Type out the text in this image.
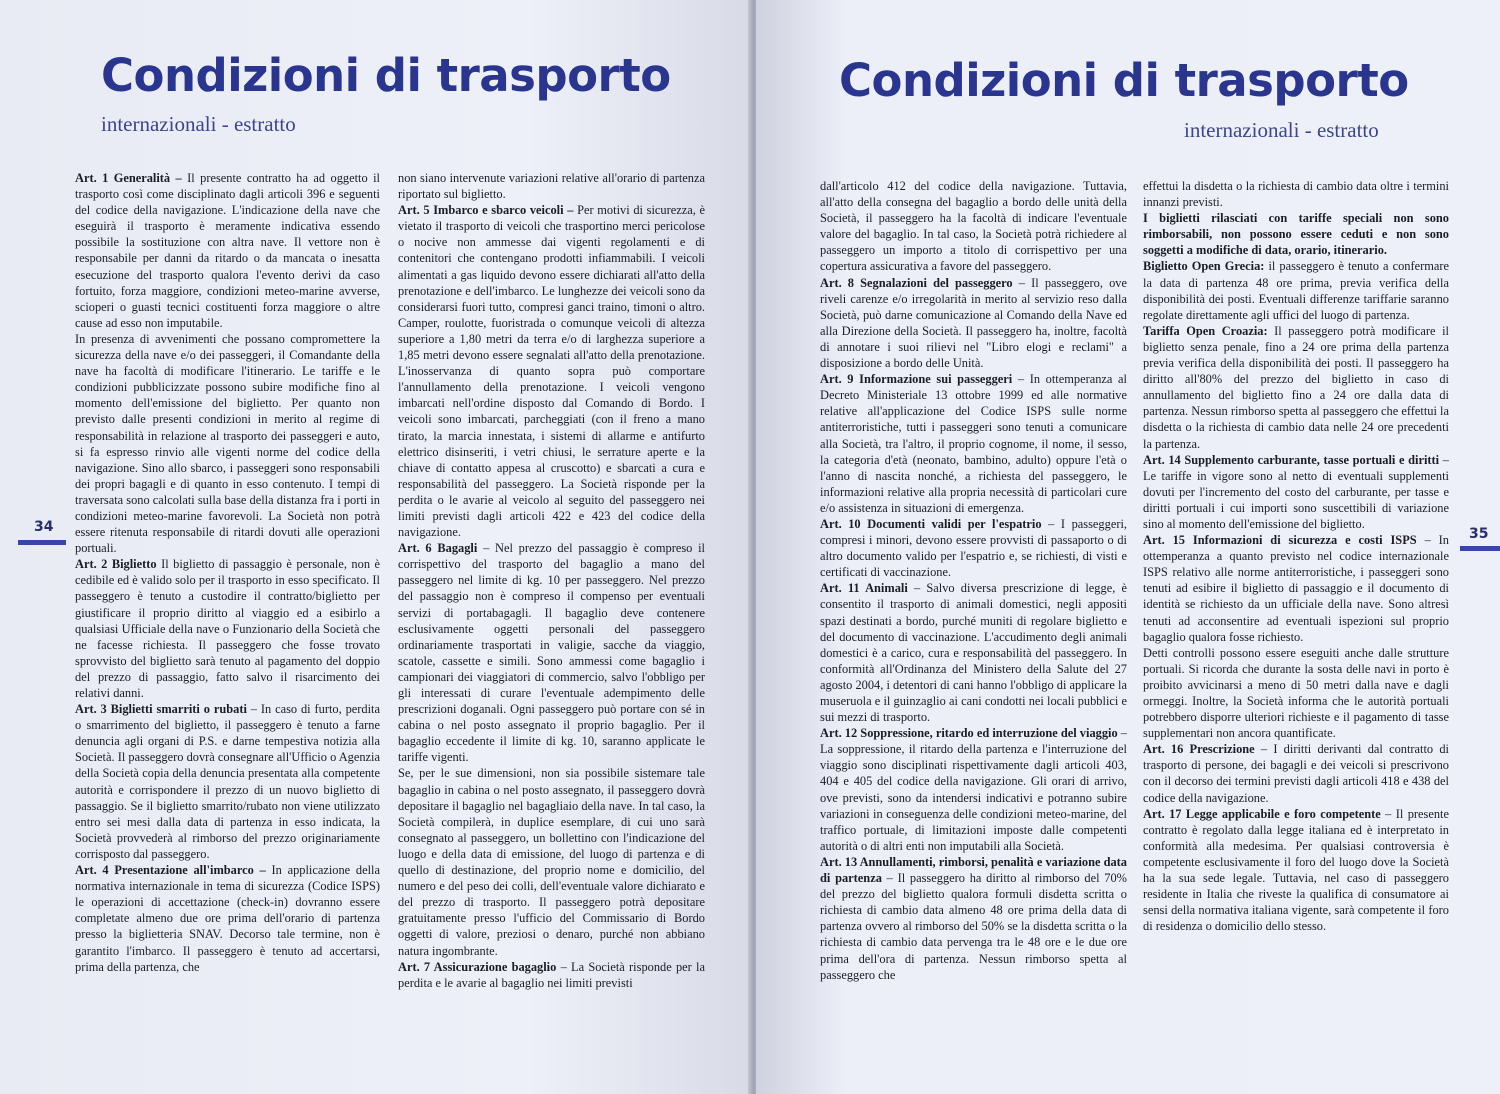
Condizioni di trasporto
internazionali - estratto

Art. 1 Generalità – Il presente contratto ha ad oggetto il trasporto così come disciplinato dagli articoli 396 e seguenti del codice della navigazione. L'indicazione della nave che eseguirà il trasporto è meramente indicativa essendo possibile la sostituzione con altra nave. Il vettore non è responsabile per danni da ritardo o da mancata o inesatta esecuzione del trasporto qualora l'evento derivi da caso fortuito, forza maggiore, condizioni meteo-marine avverse, scioperi o guasti tecnici costituenti forza maggiore o altre cause ad esso non imputabile.

In presenza di avvenimenti che possano compromettere la sicurezza della nave e/o dei passeggeri, il Comandante della nave ha facoltà di modificare l'itinerario. Le tariffe e le condizioni pubblicizzate possono subire modifiche fino al momento dell'emissione del biglietto. Per quanto non previsto dalle presenti condizioni in merito al regime di responsabilità in relazione al trasporto dei passeggeri e auto, si fa espresso rinvio alle vigenti norme del codice della navigazione. Sino allo sbarco, i passeggeri sono responsabili dei propri bagagli e di quanto in esso contenuto. I tempi di traversata sono calcolati sulla base della distanza fra i porti in condizioni meteo-marine favorevoli. La Società non potrà essere ritenuta responsabile di ritardi dovuti alle operazioni portuali.

Art. 2 Biglietto Il biglietto di passaggio è personale, non è cedibile ed è valido solo per il trasporto in esso specificato. Il passeggero è tenuto a custodire il contratto/biglietto per giustificare il proprio diritto al viaggio ed a esibirlo a qualsiasi Ufficiale della nave o Funzionario della Società che ne facesse richiesta. Il passeggero che fosse trovato sprovvisto del biglietto sarà tenuto al pagamento del doppio del prezzo di passaggio, fatto salvo il risarcimento dei relativi danni.

Art. 3 Biglietti smarriti o rubati – In caso di furto, perdita o smarrimento del biglietto, il passeggero è tenuto a farne denuncia agli organi di P.S. e darne tempestiva notizia alla Società. Il passeggero dovrà consegnare all'Ufficio o Agenzia della Società copia della denuncia presentata alla competente autorità e corrispondere il prezzo di un nuovo biglietto di passaggio. Se il biglietto smarrito/rubato non viene utilizzato entro sei mesi dalla data di partenza in esso indicata, la Società provvederà al rimborso del prezzo originariamente corrisposto dal passeggero.

Art. 4 Presentazione all'imbarco – In applicazione della normativa internazionale in tema di sicurezza (Codice ISPS) le operazioni di accettazione (check-in) dovranno essere completate almeno due ore prima dell'orario di partenza presso la biglietteria SNAV. Decorso tale termine, non è garantito l'imbarco. Il passeggero è tenuto ad accertarsi, prima della partenza, che

non siano intervenute variazioni relative all'orario di partenza riportato sul biglietto.

Art. 5 Imbarco e sbarco veicoli – Per motivi di sicurezza, è vietato il trasporto di veicoli che trasportino merci pericolose o nocive non ammesse dai vigenti regolamenti e di contenitori che contengano prodotti infiammabili. I veicoli alimentati a gas liquido devono essere dichiarati all'atto della prenotazione e dell'imbarco. Le lunghezze dei veicoli sono da considerarsi fuori tutto, compresi ganci traino, timoni o altro. Camper, roulotte, fuoristrada o comunque veicoli di altezza superiore a 1,80 metri da terra e/o di larghezza superiore a 1,85 metri devono essere segnalati all'atto della prenotazione. L'inosservanza di quanto sopra può comportare l'annullamento della prenotazione. I veicoli vengono imbarcati nell'ordine disposto dal Comando di Bordo. I veicoli sono imbarcati, parcheggiati (con il freno a mano tirato, la marcia innestata, i sistemi di allarme e antifurto elettrico disinseriti, i vetri chiusi, le serrature aperte e la chiave di contatto appesa al cruscotto) e sbarcati a cura e responsabilità del passeggero. La Società risponde per la perdita o le avarie al veicolo al seguito del passeggero nei limiti previsti dagli articoli 422 e 423 del codice della navigazione.

Art. 6 Bagagli – Nel prezzo del passaggio è compreso il corrispettivo del trasporto del bagaglio a mano del passeggero nel limite di kg. 10 per passeggero. Nel prezzo del passaggio non è compreso il compenso per eventuali servizi di portabagagli. Il bagaglio deve contenere esclusivamente oggetti personali del passeggero ordinariamente trasportati in valigie, sacche da viaggio, scatole, cassette e simili. Sono ammessi come bagaglio i campionari dei viaggiatori di commercio, salvo l'obbligo per gli interessati di curare l'eventuale adempimento delle prescrizioni doganali. Ogni passeggero può portare con sé in cabina o nel posto assegnato il proprio bagaglio. Per il bagaglio eccedente il limite di kg. 10, saranno applicate le tariffe vigenti.

Se, per le sue dimensioni, non sia possibile sistemare tale bagaglio in cabina o nel posto assegnato, il passeggero dovrà depositare il bagaglio nel bagagliaio della nave. In tal caso, la Società compilerà, in duplice esemplare, di cui uno sarà consegnato al passeggero, un bollettino con l'indicazione del luogo e della data di emissione, del luogo di partenza e di quello di destinazione, del proprio nome e domicilio, del numero e del peso dei colli, dell'eventuale valore dichiarato e del prezzo di trasporto. Il passeggero potrà depositare gratuitamente presso l'ufficio del Commissario di Bordo oggetti di valore, preziosi o denaro, purché non abbiano natura ingombrante.

Art. 7 Assicurazione bagaglio – La Società risponde per la perdita e le avarie al bagaglio nei limiti previsti

34
Condizioni di trasporto
internazionali - estratto

dall'articolo 412 del codice della navigazione. Tuttavia, all'atto della consegna del bagaglio a bordo delle unità della Società, il passeggero ha la facoltà di indicare l'eventuale valore del bagaglio. In tal caso, la Società potrà richiedere al passeggero un importo a titolo di corrispettivo per una copertura assicurativa a favore del passeggero.

Art. 8 Segnalazioni del passeggero – Il passeggero, ove riveli carenze e/o irregolarità in merito al servizio reso dalla Società, può darne comunicazione al Comando della Nave ed alla Direzione della Società. Il passeggero ha, inoltre, facoltà di annotare i suoi rilievi nel "Libro elogi e reclami" a disposizione a bordo delle Unità.

Art. 9 Informazione sui passeggeri – In ottemperanza al Decreto Ministeriale 13 ottobre 1999 ed alle normative relative all'applicazione del Codice ISPS sulle norme antiterroristiche, tutti i passeggeri sono tenuti a comunicare alla Società, tra l'altro, il proprio cognome, il nome, il sesso, la categoria d'età (neonato, bambino, adulto) oppure l'età o l'anno di nascita nonché, a richiesta del passeggero, le informazioni relative alla propria necessità di particolari cure e/o assistenza in situazioni di emergenza.

Art. 10 Documenti validi per l'espatrio – I passeggeri, compresi i minori, devono essere provvisti di passaporto o di altro documento valido per l'espatrio e, se richiesti, di visti e certificati di vaccinazione.

Art. 11 Animali – Salvo diversa prescrizione di legge, è consentito il trasporto di animali domestici, negli appositi spazi destinati a bordo, purché muniti di regolare biglietto e del documento di vaccinazione. L'accudimento degli animali domestici è a carico, cura e responsabilità del passeggero. In conformità all'Ordinanza del Ministero della Salute del 27 agosto 2004, i detentori di cani hanno l'obbligo di applicare la museruola e il guinzaglio ai cani condotti nei locali pubblici e sui mezzi di trasporto.

Art. 12 Soppressione, ritardo ed interruzione del viaggio – La soppressione, il ritardo della partenza e l'interruzione del viaggio sono disciplinati rispettivamente dagli articoli 403, 404 e 405 del codice della navigazione. Gli orari di arrivo, ove previsti, sono da intendersi indicativi e potranno subire variazioni in conseguenza delle condizioni meteo-marine, del traffico portuale, di limitazioni imposte dalle competenti autorità o di altri enti non imputabili alla Società.

Art. 13 Annullamenti, rimborsi, penalità e variazione data di partenza – Il passeggero ha diritto al rimborso del 70% del prezzo del biglietto qualora formuli disdetta scritta o richiesta di cambio data almeno 48 ore prima della data di partenza ovvero al rimborso del 50% se la disdetta scritta o la richiesta di cambio data pervenga tra le 48 ore e le due ore prima dell'ora di partenza. Nessun rimborso spetta al passeggero che

effettui la disdetta o la richiesta di cambio data oltre i termini innanzi previsti.

I biglietti rilasciati con tariffe speciali non sono rimborsabili, non possono essere ceduti e non sono soggetti a modifiche di data, orario, itinerario.

Biglietto Open Grecia: il passeggero è tenuto a confermare la data di partenza 48 ore prima, previa verifica della disponibilità dei posti. Eventuali differenze tariffarie saranno regolate direttamente agli uffici del luogo di partenza.

Tariffa Open Croazia: Il passeggero potrà modificare il biglietto senza penale, fino a 24 ore prima della partenza previa verifica della disponibilità dei posti. Il passeggero ha diritto all'80% del prezzo del biglietto in caso di annullamento del biglietto fino a 24 ore dalla data di partenza. Nessun rimborso spetta al passeggero che effettui la disdetta o la richiesta di cambio data nelle 24 ore precedenti la partenza.

Art. 14 Supplemento carburante, tasse portuali e diritti – Le tariffe in vigore sono al netto di eventuali supplementi dovuti per l'incremento del costo del carburante, per tasse e diritti portuali i cui importi sono suscettibili di variazione sino al momento dell'emissione del biglietto.

Art. 15 Informazioni di sicurezza e costi ISPS – In ottemperanza a quanto previsto nel codice internazionale ISPS relativo alle norme antiterroristiche, i passeggeri sono tenuti ad esibire il biglietto di passaggio e il documento di identità se richiesto da un ufficiale della nave. Sono altresì tenuti ad acconsentire ad eventuali ispezioni sul proprio bagaglio qualora fosse richiesto.

Detti controlli possono essere eseguiti anche dalle strutture portuali. Si ricorda che durante la sosta delle navi in porto è proibito avvicinarsi a meno di 50 metri dalla nave e dagli ormeggi. Inoltre, la Società informa che le autorità portuali potrebbero disporre ulteriori richieste e il pagamento di tasse supplementari non ancora quantificate.

Art. 16 Prescrizione – I diritti derivanti dal contratto di trasporto di persone, dei bagagli e dei veicoli si prescrivono con il decorso dei termini previsti dagli articoli 418 e 438 del codice della navigazione.

Art. 17 Legge applicabile e foro competente – Il presente contratto è regolato dalla legge italiana ed è interpretato in conformità alla medesima. Per qualsiasi controversia è competente esclusivamente il foro del luogo dove la Società ha la sua sede legale. Tuttavia, nel caso di passeggero residente in Italia che riveste la qualifica di consumatore ai sensi della normativa italiana vigente, sarà competente il foro di residenza o domicilio dello stesso.

35
